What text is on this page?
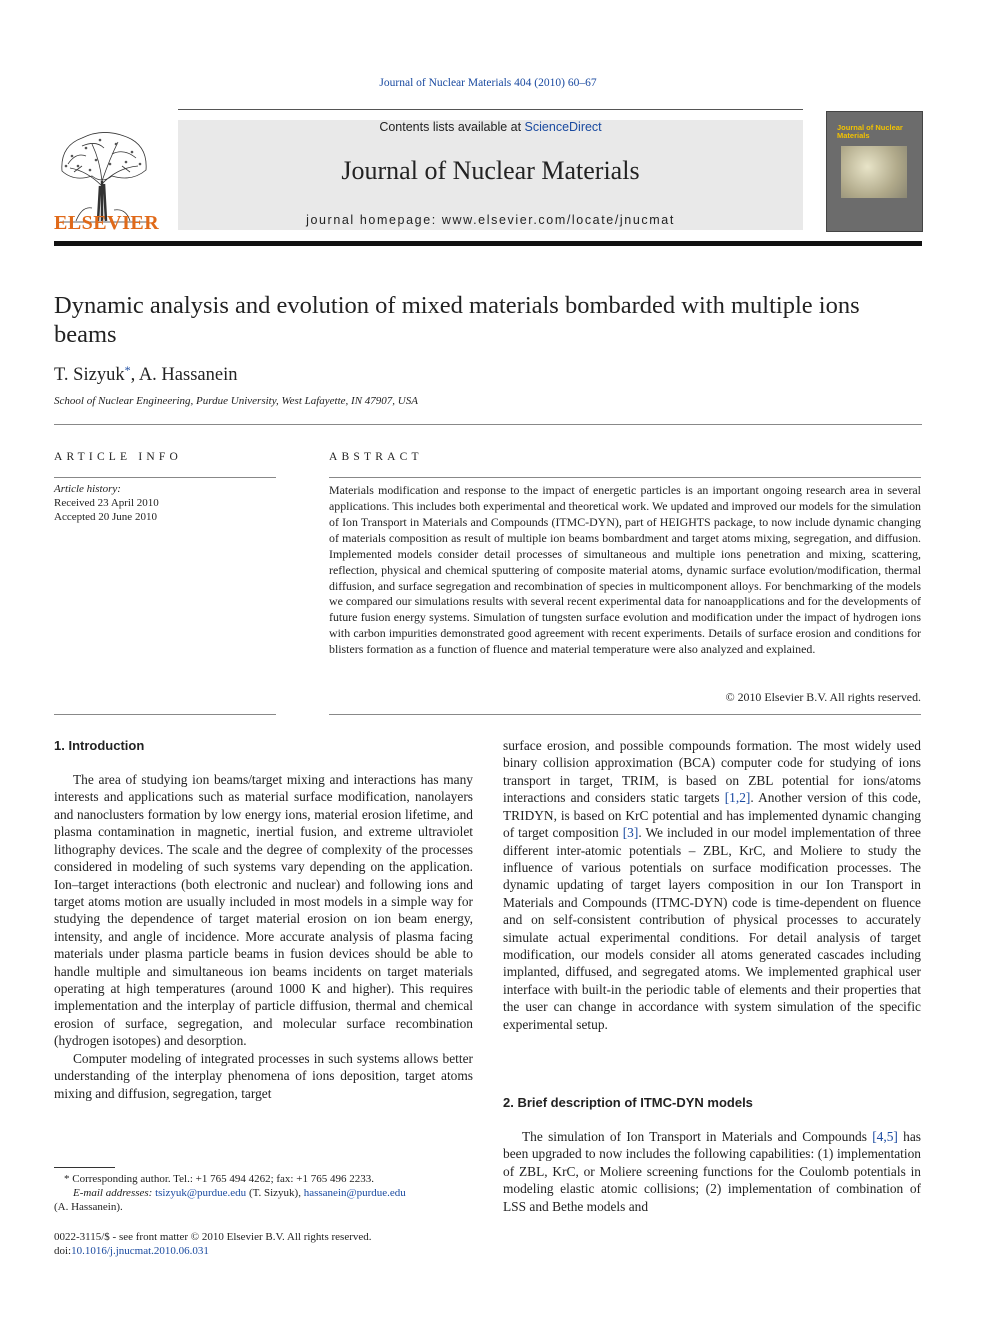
Journal of Nuclear Materials 404 (2010) 60–67
ELSEVIER
Contents lists available at ScienceDirect
Journal of Nuclear Materials
journal homepage: www.elsevier.com/locate/jnucmat
Journal of Nuclear Materials
Dynamic analysis and evolution of mixed materials bombarded with multiple ions beams
T. Sizyuk*, A. Hassanein
School of Nuclear Engineering, Purdue University, West Lafayette, IN 47907, USA
ARTICLE INFO	ABSTRACT
Article history:
Received 23 April 2010
Accepted 20 June 2010
Materials modification and response to the impact of energetic particles is an important ongoing research area in several applications. This includes both experimental and theoretical work. We updated and improved our models for the simulation of Ion Transport in Materials and Compounds (ITMC-DYN), part of HEIGHTS package, to now include dynamic changing of materials composition as result of multiple ion beams bombardment and target atoms mixing, segregation, and diffusion. Implemented models consider detail processes of simultaneous and multiple ions penetration and mixing, scattering, reflection, physical and chemical sputtering of composite material atoms, dynamic surface evolution/modification, thermal diffusion, and surface segregation and recombination of species in multicomponent alloys. For benchmarking of the models we compared our simulations results with several recent experimental data for nanoapplications and for the developments of future fusion energy systems. Simulation of tungsten surface evolution and modification under the impact of hydrogen ions with carbon impurities demonstrated good agreement with recent experiments. Details of surface erosion and conditions for blisters formation as a function of fluence and material temperature were also analyzed and explained.
© 2010 Elsevier B.V. All rights reserved.
1. Introduction

The area of studying ion beams/target mixing and interactions has many interests and applications such as material surface modification, nanolayers and nanoclusters formation by low energy ions, material erosion lifetime, and plasma contamination in magnetic, inertial fusion, and extreme ultraviolet lithography devices. The scale and the degree of complexity of the processes considered in modeling of such systems vary depending on the application. Ion–target interactions (both electronic and nuclear) and following ions and target atoms motion are usually included in most models in a simple way for studying the dependence of target material erosion on ion beam energy, intensity, and angle of incidence. More accurate analysis of plasma facing materials under plasma particle beams in fusion devices should be able to handle multiple and simultaneous ion beams incidents on target materials operating at high temperatures (around 1000 K and higher). This requires implementation and the interplay of particle diffusion, thermal and chemical erosion of surface, segregation, and molecular surface recombination (hydrogen isotopes) and desorption.

Computer modeling of integrated processes in such systems allows better understanding of the interplay phenomena of ions deposition, target atoms mixing and diffusion, segregation, target

surface erosion, and possible compounds formation. The most widely used binary collision approximation (BCA) computer code for studying of ions transport in target, TRIM, is based on ZBL potential for ions/atoms interactions and considers static targets [1,2]. Another version of this code, TRIDYN, is based on KrC potential and has implemented dynamic changing of target composition [3]. We included in our model implementation of three different inter-atomic potentials – ZBL, KrC, and Moliere to study the influence of various potentials on surface modification processes. The dynamic updating of target layers composition in our Ion Transport in Materials and Compounds (ITMC-DYN) code is time-dependent on fluence and on self-consistent contribution of physical processes to accurately simulate actual experimental conditions. For detail analysis of target modification, our models consider all atoms generated cascades including implanted, diffused, and segregated atoms. We implemented graphical user interface with built-in the periodic table of elements and their properties that the user can change in accordance with system simulation of the specific experimental setup.

2. Brief description of ITMC-DYN models

The simulation of Ion Transport in Materials and Compounds [4,5] has been upgraded to now includes the following capabilities: (1) implementation of ZBL, KrC, or Moliere screening functions for the Coulomb potentials in modeling elastic atomic collisions; (2) implementation of combination of LSS and Bethe models and

* Corresponding author. Tel.: +1 765 494 4262; fax: +1 765 496 2233.
E-mail addresses: tsizyuk@purdue.edu (T. Sizyuk), hassanein@purdue.edu
(A. Hassanein).
0022-3115/$ - see front matter © 2010 Elsevier B.V. All rights reserved.
doi:10.1016/j.jnucmat.2010.06.031
